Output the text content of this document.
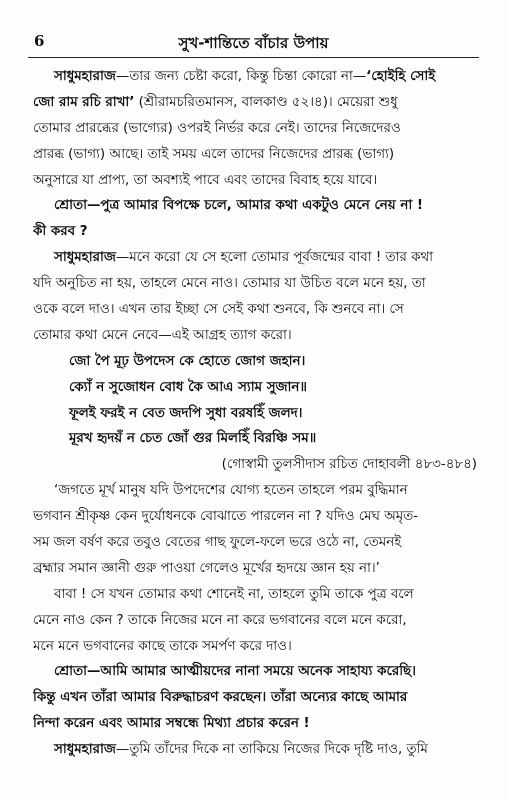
6	সুখ-শান্তিতে বাঁচার উপায়
সাধুমহারাজ—তার জন্য চেষ্টা করো, কিন্তু চিন্তা কোরো না—‘হোইহি সোই
জো রাম রচি রাখা’ (শ্রীরামচরিতমানস, বালকাণ্ড ৫২।৪)। মেয়েরা শুধু
তোমার প্রারব্ধের (ভাগ্যের) ওপরই নির্ভর করে নেই। তাদের নিজেদেরও
প্রারব্ধ (ভাগ্য) আছে। তাই সময় এলে তাদের নিজেদের প্রারব্ধ (ভাগ্য)
অনুসারে যা প্রাপ্য, তা অবশ্যই পাবে এবং তাদের বিবাহ হয়ে যাবে।
শ্রোতা—পুত্র আমার বিপক্ষে চলে, আমার কথা একটুও মেনে নেয় না !
কী করব ?
সাধুমহারাজ—মনে করো যে সে হলো তোমার পূর্বজন্মের বাবা ! তার কথা
যদি অনুচিত না হয়, তাহলে মেনে নাও। তোমার যা উচিত বলে মনে হয়, তা
ওকে বলে দাও। এখন তার ইচ্ছা সে সেই কথা শুনবে, কি শুনবে না। সে
তোমার কথা মেনে নেবে—এই আগ্রহ ত্যাগ করো।
জো পৈ মূঢ় উপদেস কে হোতে জোগ জহান।
ক্যোঁ ন সুজোধন বোধ কৈ আএ স্যাম সুজান॥
ফূলই ফরই ন বেত জদপি সুধা বরষহিঁ জলদ।
মূরখ হৃদয়ঁ ন চেত জোঁ গুর মিলহিঁ বিরঞ্চি সম॥
(গোস্বামী তুলসীদাস রচিত দোহাবলী ৪৮৩-৪৮৪)
‘জগতে মূর্খ মানুষ যদি উপদেশের যোগ্য হতেন তাহলে পরম বুদ্ধিমান
ভগবান শ্রীকৃষ্ণ কেন দুর্যোধনকে বোঝাতে পারলেন না ? যদিও মেঘ অমৃত-
সম জল বর্ষণ করে তবুও বেতের গাছ ফুলে-ফলে ভরে ওঠে না, তেমনই
ব্রহ্মার সমান জ্ঞানী গুরু পাওয়া গেলেও মূর্খের হৃদয়ে জ্ঞান হয় না।’
বাবা ! সে যখন তোমার কথা শোনেই না, তাহলে তুমি তাকে পুত্র বলে
মেনে নাও কেন ? তাকে নিজের মনে না করে ভগবানের বলে মনে করো,
মনে মনে ভগবানের কাছে তাকে সমর্পণ করে দাও।
শ্রোতা—আমি আমার আত্মীয়দের নানা সময়ে অনেক সাহায্য করেছি।
কিন্তু এখন তাঁরা আমার বিরুদ্ধাচরণ করছেন। তাঁরা অন্যের কাছে আমার
নিন্দা করেন এবং আমার সম্বন্ধে মিথ্যা প্রচার করেন !
সাধুমহারাজ—তুমি তাঁদের দিকে না তাকিয়ে নিজের দিকে দৃষ্টি দাও, তুমি
